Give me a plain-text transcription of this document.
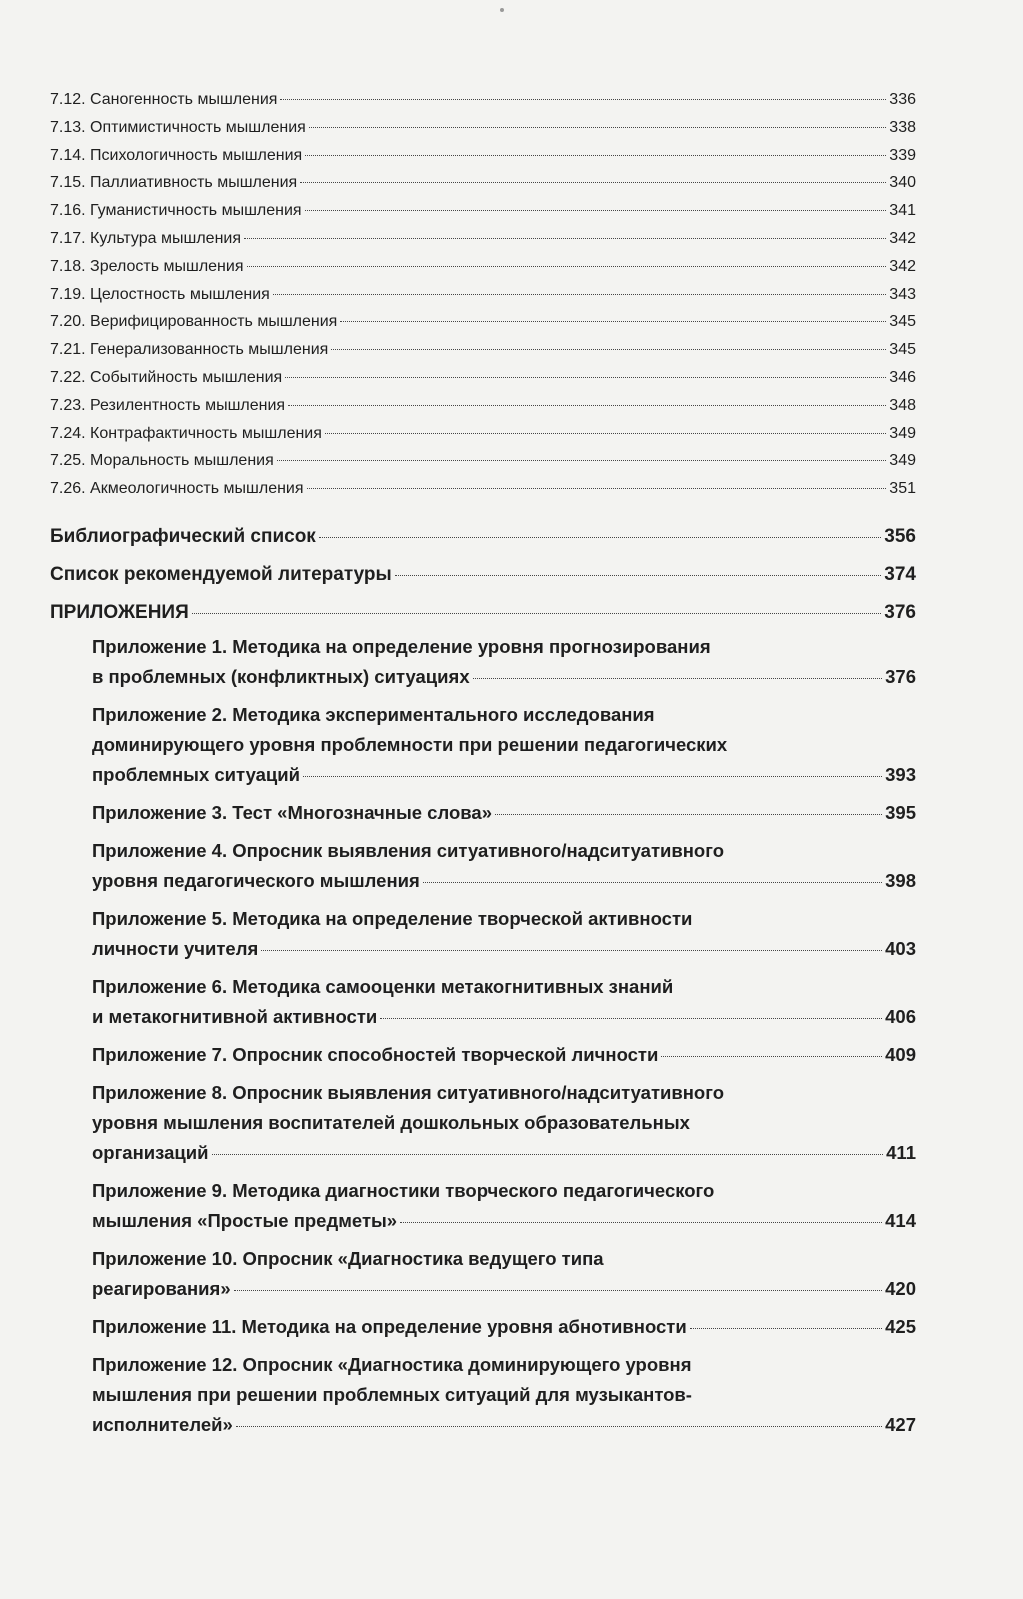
7.12. Саногенность мышления	336
7.13. Оптимистичность мышления	338
7.14. Психологичность мышления	339
7.15. Паллиативность мышления	340
7.16. Гуманистичность мышления	341
7.17. Культура мышления	342
7.18. Зрелость мышления	342
7.19. Целостность мышления	343
7.20. Верифицированность мышления	345
7.21. Генерализованность мышления	345
7.22. Событийность мышления	346
7.23. Резилентность мышления	348
7.24. Контрафактичность мышления	349
7.25. Моральность мышления	349
7.26. Акмеологичность мышления	351
Библиографический список	356
Список рекомендуемой литературы	374
ПРИЛОЖЕНИЯ	376
Приложение 1. Методика на определение уровня прогнозирования
в проблемных (конфликтных) ситуациях	376
Приложение 2. Методика экспериментального исследования
доминирующего уровня проблемности при решении педагогических
проблемных ситуаций	393
Приложение 3. Тест «Многозначные слова»	395
Приложение 4. Опросник выявления ситуативного/надситуативного
уровня педагогического мышления	398
Приложение 5. Методика на определение творческой активности
личности учителя	403
Приложение 6. Методика самооценки метакогнитивных знаний
и метакогнитивной активности	406
Приложение 7. Опросник способностей творческой личности	409
Приложение 8. Опросник выявления ситуативного/надситуативного
уровня мышления воспитателей дошкольных образовательных
организаций	411
Приложение 9. Методика диагностики творческого педагогического
мышления «Простые предметы»	414
Приложение 10. Опросник «Диагностика ведущего типа
реагирования»	420
Приложение 11. Методика на определение уровня абнотивности	425
Приложение 12. Опросник «Диагностика доминирующего уровня
мышления при решении проблемных ситуаций для музыкантов-
исполнителей»	427
